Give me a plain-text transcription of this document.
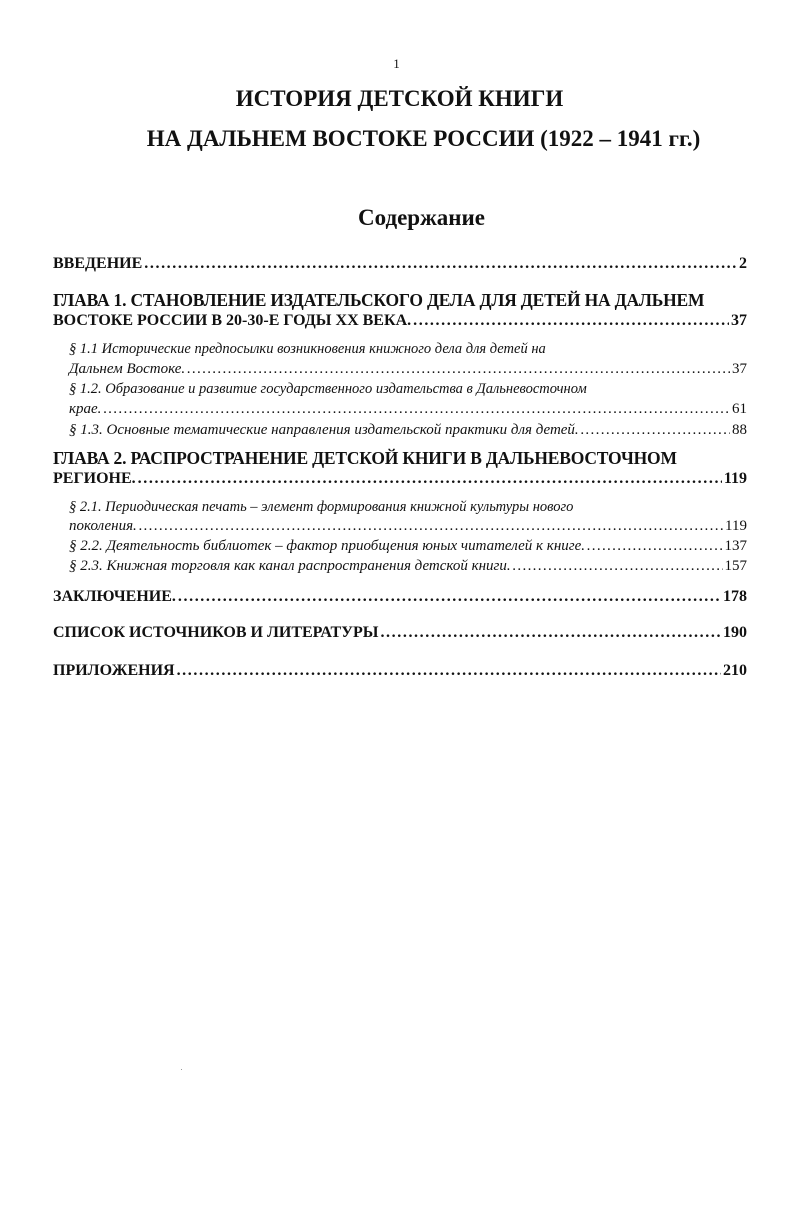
1
ИСТОРИЯ ДЕТСКОЙ КНИГИ
НА ДАЛЬНЕМ ВОСТОКЕ РОССИИ (1922 – 1941 гг.)
Содержание
ВВЕДЕНИЕ . . .	2
ГЛАВА 1. СТАНОВЛЕНИЕ ИЗДАТЕЛЬСКОГО ДЕЛА ДЛЯ ДЕТЕЙ НА ДАЛЬНЕМ
ВОСТОКЕ РОССИИ В 20-30-Е ГОДЫ XX ВЕКА. . . .	37
§ 1.1 Исторические предпосылки возникновения книжного дела для детей на
Дальнем Востоке. . . .	37
§ 1.2. Образование и развитие государственного издательства в Дальневосточном
крае. . . .	61
§ 1.3. Основные тематические направления издательской практики для детей. . . .	88
ГЛАВА 2. РАСПРОСТРАНЕНИЕ ДЕТСКОЙ КНИГИ В ДАЛЬНЕВОСТОЧНОМ
РЕГИОНЕ. . . .	119
§ 2.1. Периодическая печать – элемент формирования книжной культуры нового
поколения. . . .	119
§ 2.2. Деятельность библиотек – фактор приобщения юных читателей к книге. . . .	137
§ 2.3. Книжная торговля как канал распространения детской книги. . . .	157
ЗАКЛЮЧЕНИЕ. . . .	178
СПИСОК ИСТОЧНИКОВ И ЛИТЕРАТУРЫ . . .	190
ПРИЛОЖЕНИЯ . . .	210
